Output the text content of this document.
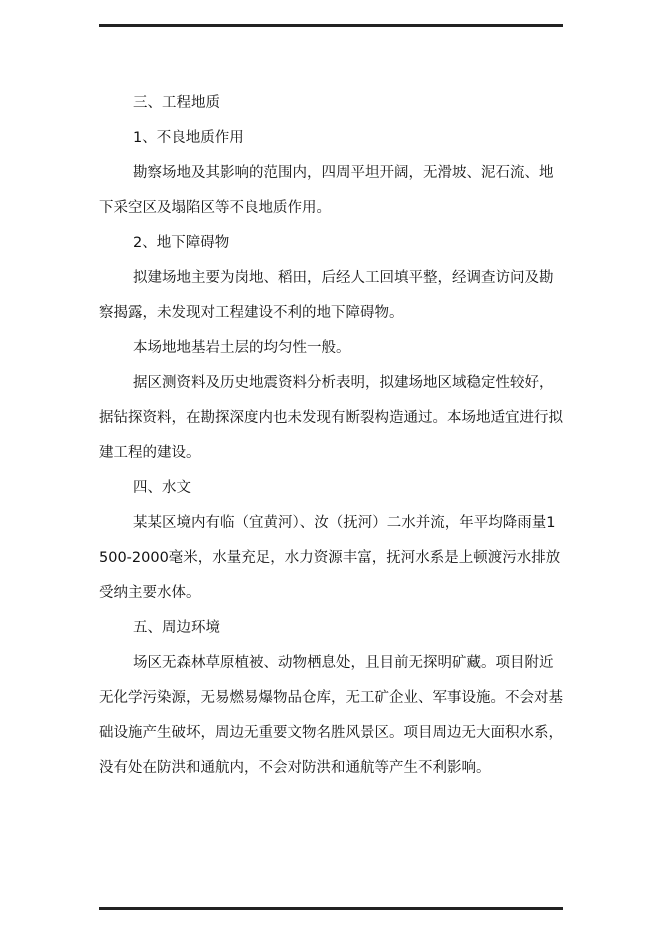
三、工程地质

1、不良地质作用

勘察场地及其影响的范围内，四周平坦开阔，无滑坡、泥石流、地下采空区及塌陷区等不良地质作用。

2、地下障碍物

拟建场地主要为岗地、稻田，后经人工回填平整，经调查访问及勘察揭露，未发现对工程建设不利的地下障碍物。

本场地地基岩土层的均匀性一般。

据区测资料及历史地震资料分析表明，拟建场地区域稳定性较好，据钻探资料，在勘探深度内也未发现有断裂构造通过。本场地适宜进行拟建工程的建设。

四、水文

某某区境内有临（宜黄河）、汝（抚河）二水并流，年平均降雨量1500-2000毫米，水量充足，水力资源丰富，抚河水系是上顿渡污水排放受纳主要水体。

五、周边环境

场区无森林草原植被、动物栖息处，且目前无探明矿藏。项目附近无化学污染源，无易燃易爆物品仓库，无工矿企业、军事设施。不会对基础设施产生破坏，周边无重要文物名胜风景区。项目周边无大面积水系，没有处在防洪和通航内，不会对防洪和通航等产生不利影响。
